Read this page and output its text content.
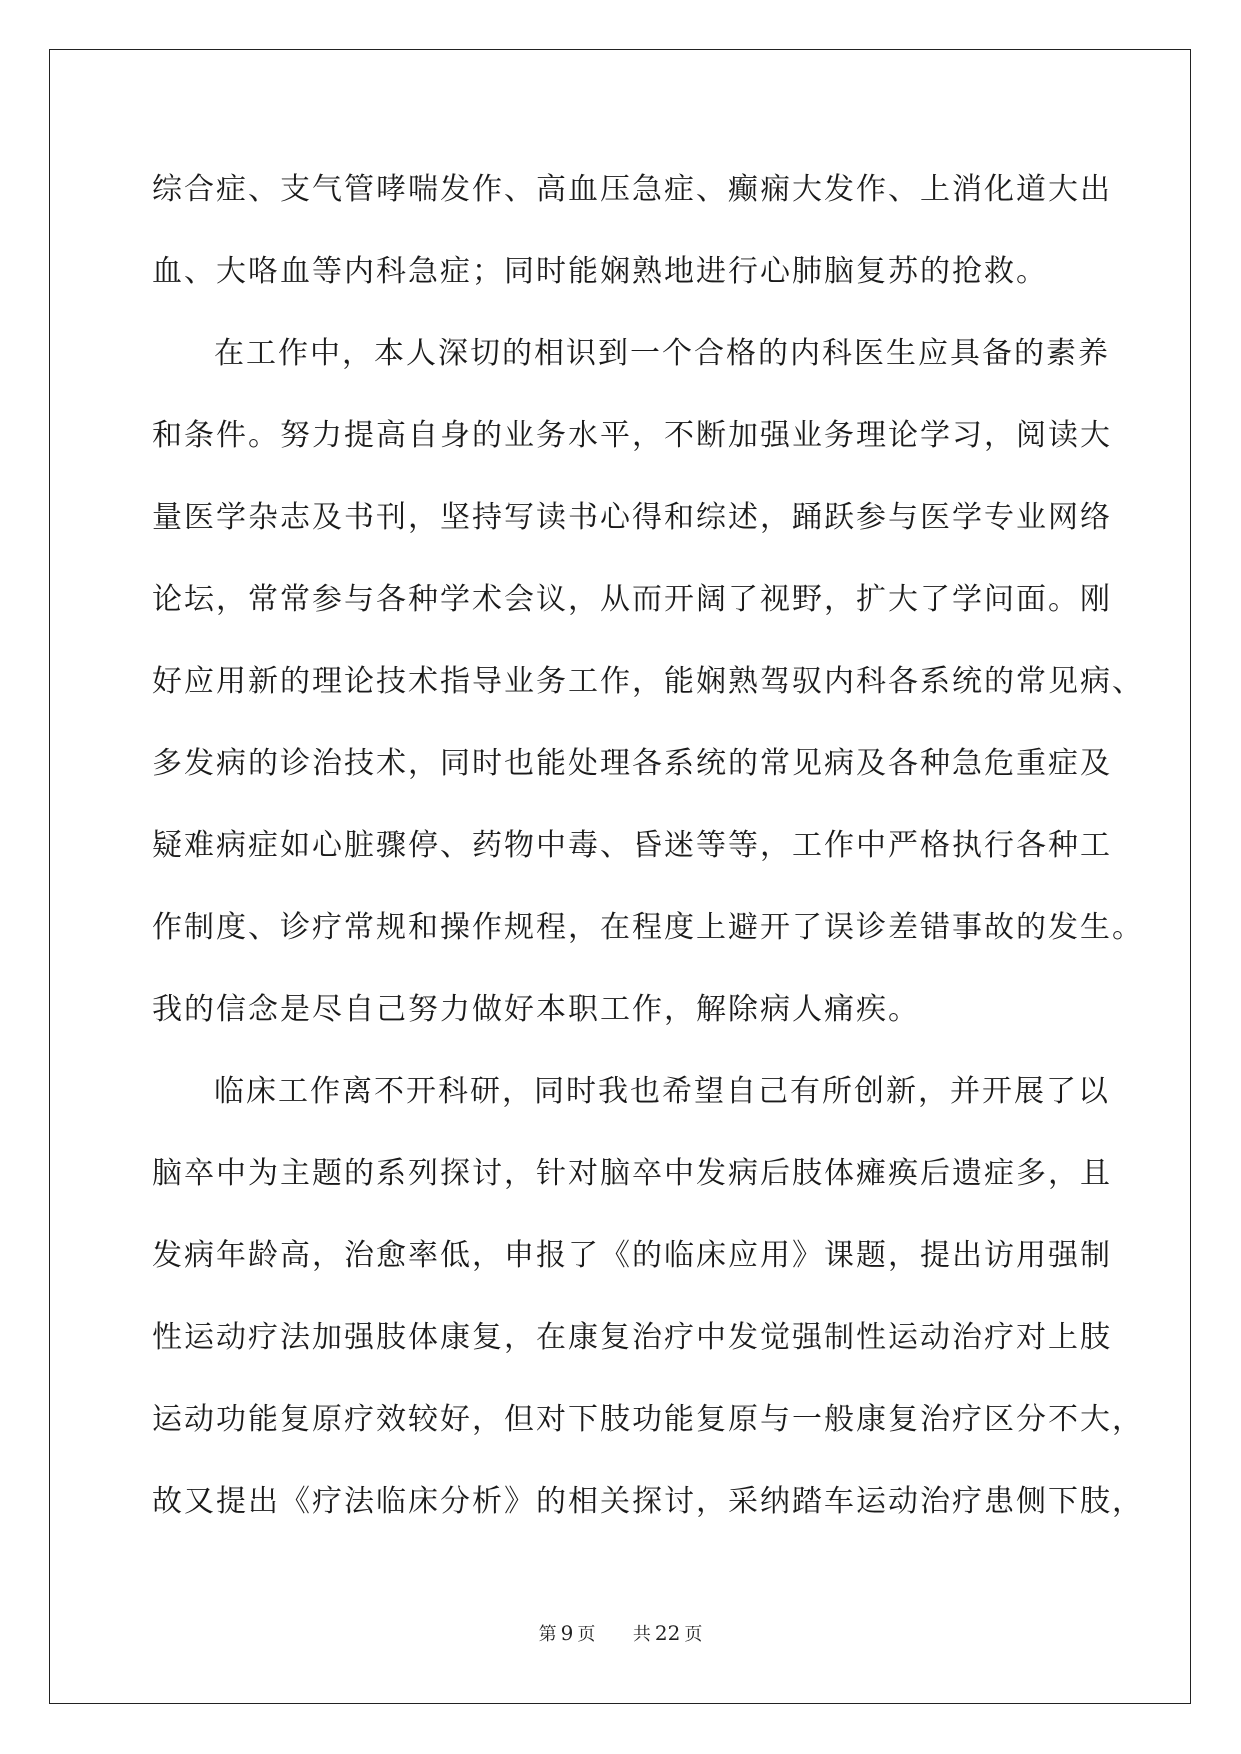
综合症、支气管哮喘发作、高血压急症、癫痫大发作、上消化道大出
血、大咯血等内科急症；同时能娴熟地进行心肺脑复苏的抢救。
在工作中，本人深切的相识到一个合格的内科医生应具备的素养
和条件。努力提高自身的业务水平，不断加强业务理论学习，阅读大
量医学杂志及书刊，坚持写读书心得和综述，踊跃参与医学专业网络
论坛，常常参与各种学术会议，从而开阔了视野，扩大了学问面。刚
好应用新的理论技术指导业务工作，能娴熟驾驭内科各系统的常见病、
多发病的诊治技术，同时也能处理各系统的常见病及各种急危重症及
疑难病症如心脏骤停、药物中毒、昏迷等等，工作中严格执行各种工
作制度、诊疗常规和操作规程，在程度上避开了误诊差错事故的发生。
我的信念是尽自己努力做好本职工作，解除病人痛疾。
临床工作离不开科研，同时我也希望自己有所创新，并开展了以
脑卒中为主题的系列探讨，针对脑卒中发病后肢体瘫痪后遗症多，且
发病年龄高，治愈率低，申报了《的临床应用》课题，提出访用强制
性运动疗法加强肢体康复，在康复治疗中发觉强制性运动治疗对上肢
运动功能复原疗效较好，但对下肢功能复原与一般康复治疗区分不大，
故又提出《疗法临床分析》的相关探讨，采纳踏车运动治疗患侧下肢，
第 9 页 共 22 页
